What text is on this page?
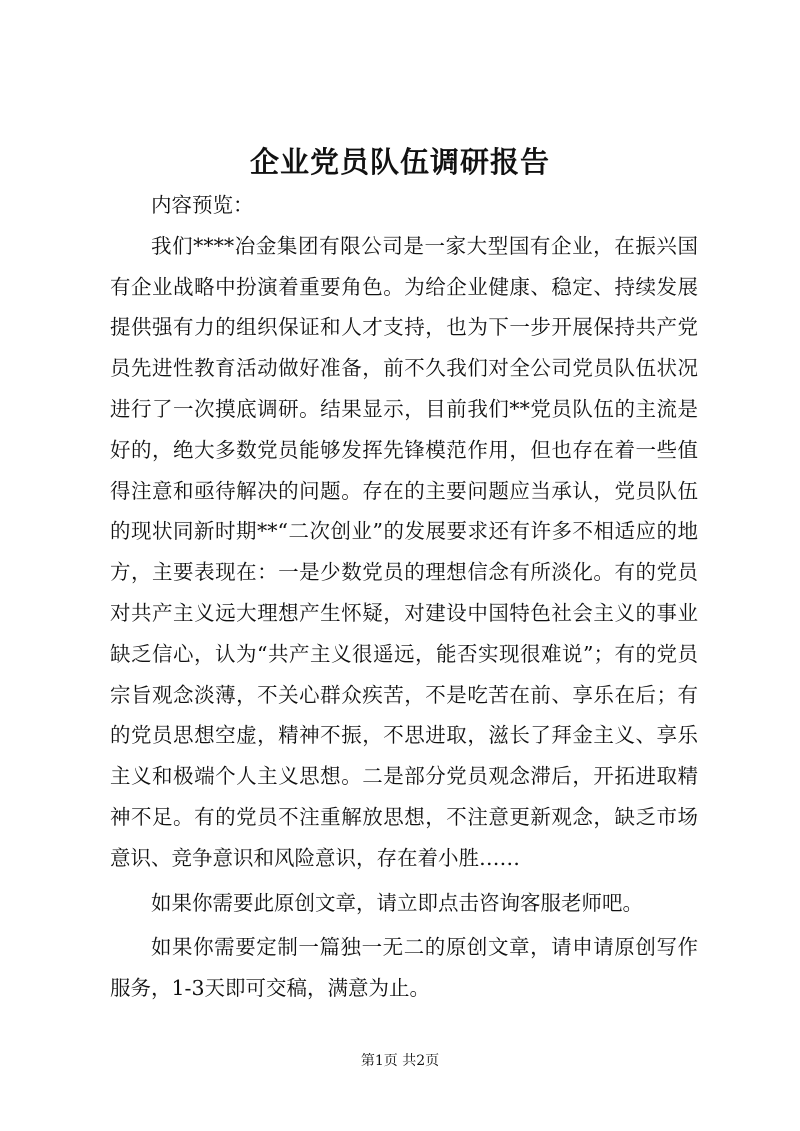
企业党员队伍调研报告

内容预览：

我们****冶金集团有限公司是一家大型国有企业，在振兴国有企业战略中扮演着重要角色。为给企业健康、稳定、持续发展提供强有力的组织保证和人才支持，也为下一步开展保持共产党员先进性教育活动做好准备，前不久我们对全公司党员队伍状况进行了一次摸底调研。结果显示，目前我们**党员队伍的主流是好的，绝大多数党员能够发挥先锋模范作用，但也存在着一些值得注意和亟待解决的问题。存在的主要问题应当承认，党员队伍的现状同新时期**“二次创业”的发展要求还有许多不相适应的地方，主要表现在：一是少数党员的理想信念有所淡化。有的党员对共产主义远大理想产生怀疑，对建设中国特色社会主义的事业缺乏信心，认为“共产主义很遥远，能否实现很难说”；有的党员宗旨观念淡薄，不关心群众疾苦，不是吃苦在前、享乐在后；有的党员思想空虚，精神不振，不思进取，滋长了拜金主义、享乐主义和极端个人主义思想。二是部分党员观念滞后，开拓进取精神不足。有的党员不注重解放思想，不注意更新观念，缺乏市场意识、竞争意识和风险意识，存在着小胜……

如果你需要此原创文章，请立即点击咨询客服老师吧。

如果你需要定制一篇独一无二的原创文章，请申请原创写作服务，1-3天即可交稿，满意为止。

第1页 共2页
